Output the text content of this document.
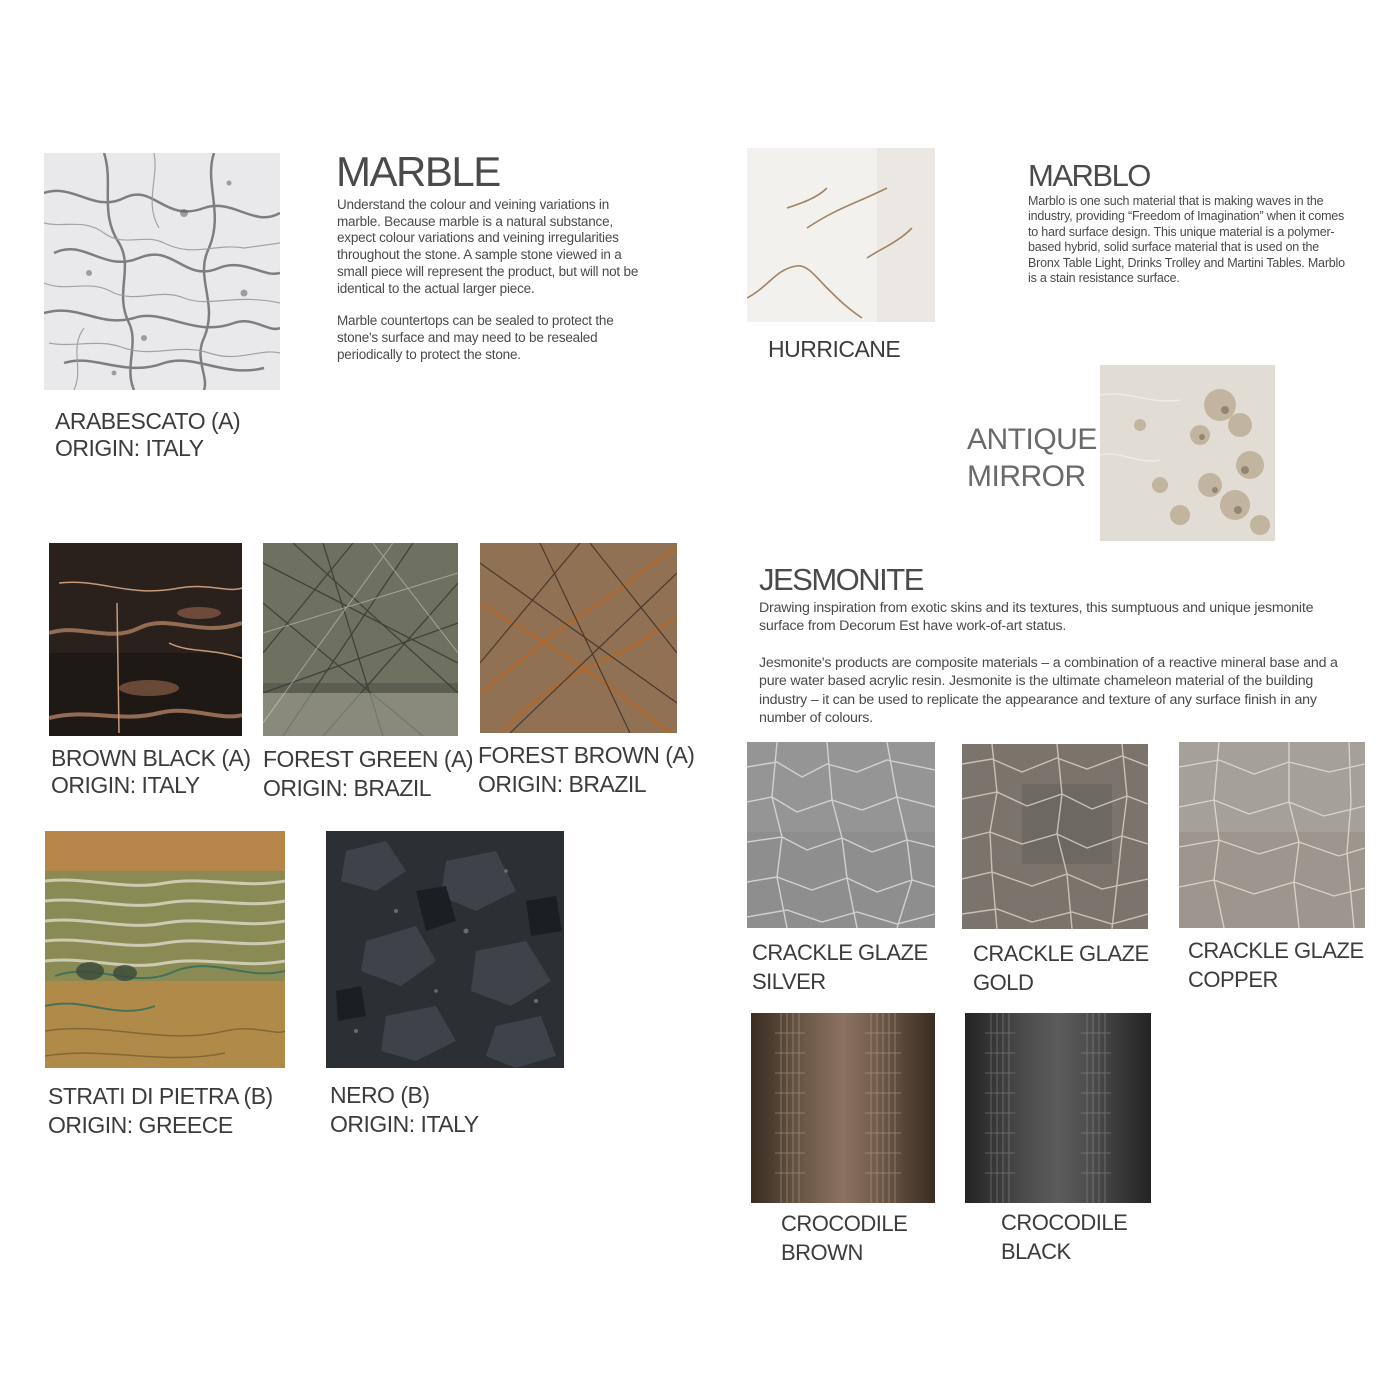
ARABESCATO (A)
ORIGIN: ITALY
MARBLE

Understand the colour and veining variations in marble. Because marble is a natural substance, expect colour variations and veining irregularities throughout the stone. A sample stone viewed in a small piece will represent the product, but will not be identical to the actual larger piece.

Marble countertops can be sealed to protect the stone's surface and may need to be resealed periodically to protect the stone.

BROWN BLACK (A)
ORIGIN: ITALY
FOREST GREEN (A)
ORIGIN: BRAZIL
FOREST BROWN (A)
ORIGIN: BRAZIL
STRATI DI PIETRA (B)
ORIGIN: GREECE
NERO (B)
ORIGIN: ITALY
HURRICANE
MARBLO

Marblo is one such material that is making waves in the industry, providing “Freedom of Imagination” when it comes to hard surface design. This unique material is a polymer-based hybrid, solid surface material that is used on the Bronx Table Light, Drinks Trolley and Martini Tables. Marblo is a stain resistance surface.

ANTIQUE
MIRROR
JESMONITE

Drawing inspiration from exotic skins and its textures, this sumptuous and unique jesmonite surface from Decorum Est have work-of-art status.

Jesmonite's products are composite materials – a combination of a reactive mineral base and a pure water based acrylic resin. Jesmonite is the ultimate chameleon material of the building industry – it can be used to replicate the appearance and texture of any surface finish in any number of colours.

CRACKLE GLAZE
SILVER
CRACKLE GLAZE
GOLD
CRACKLE GLAZE
COPPER
CROCODILE
BROWN
CROCODILE
BLACK
